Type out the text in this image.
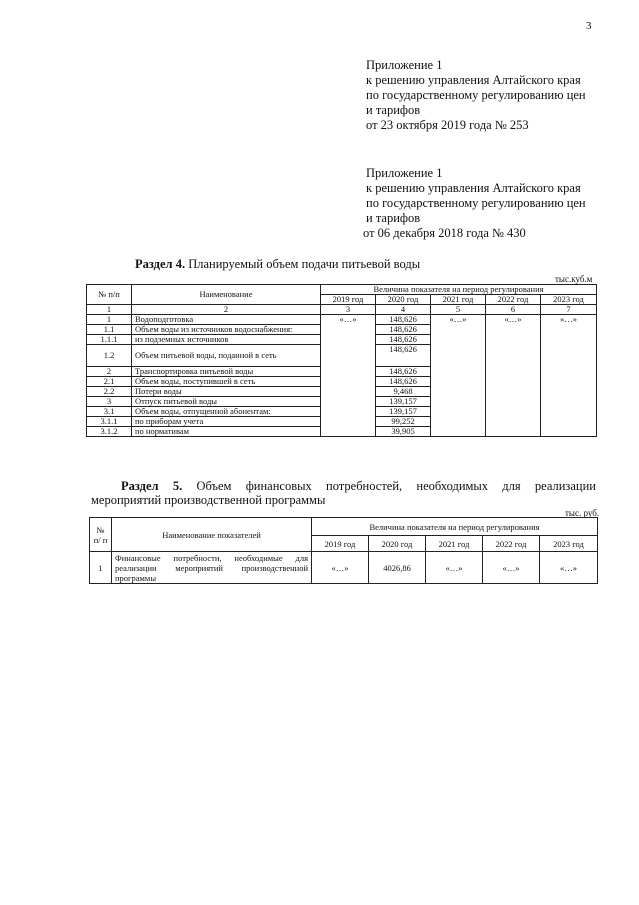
3
Приложение 1
к решению управления Алтайского края
по государственному регулированию цен
и тарифов
от 23 октября 2019 года № 253
Приложение 1
к решению управления Алтайского края
по государственному регулированию цен
и тарифов
от 06 декабря 2018 года № 430
Раздел 4. Планируемый объем подачи питьевой воды
тыс.куб.м
№ п/п	Наименование	Величина показателя на период регулирования				
		2019 год	2020 год	2021 год	2022 год	2023 год
1	2	3	4	5	6	7
1	Водоподготовка	«…»	148,626	«…»	«…»	«…»
1.1	Объем воды из источников водоснабжения:		148,626			
1.1.1	из подземных источников		148,626			
1.2	Объем питьевой воды, поданной в сеть		148,626			
2	Транспортировка питьевой воды		148,626			
2.1	Объем воды, поступившей в сеть		148,626			
2.2	Потери воды		9,468			
3	Отпуск питьевой воды		139,157			
3.1	Объем воды, отпущенной абонентам:		139,157			
3.1.1	по приборам учета		99,252			
3.1.2	по нормативам		39,905			
Раздел 5. Объем финансовых потребностей, необходимых для реализации
мероприятий производственной программы
тыс. руб.
№ п/ п	Наименование показателей	Величина показателя на период регулирования				
		2019 год	2020 год	2021 год	2022 год	2023 год
1	Финансовые потребности, необходимые для реализации мероприятий производственной программы	«…»	4026,86	«…»	«…»	«…»
